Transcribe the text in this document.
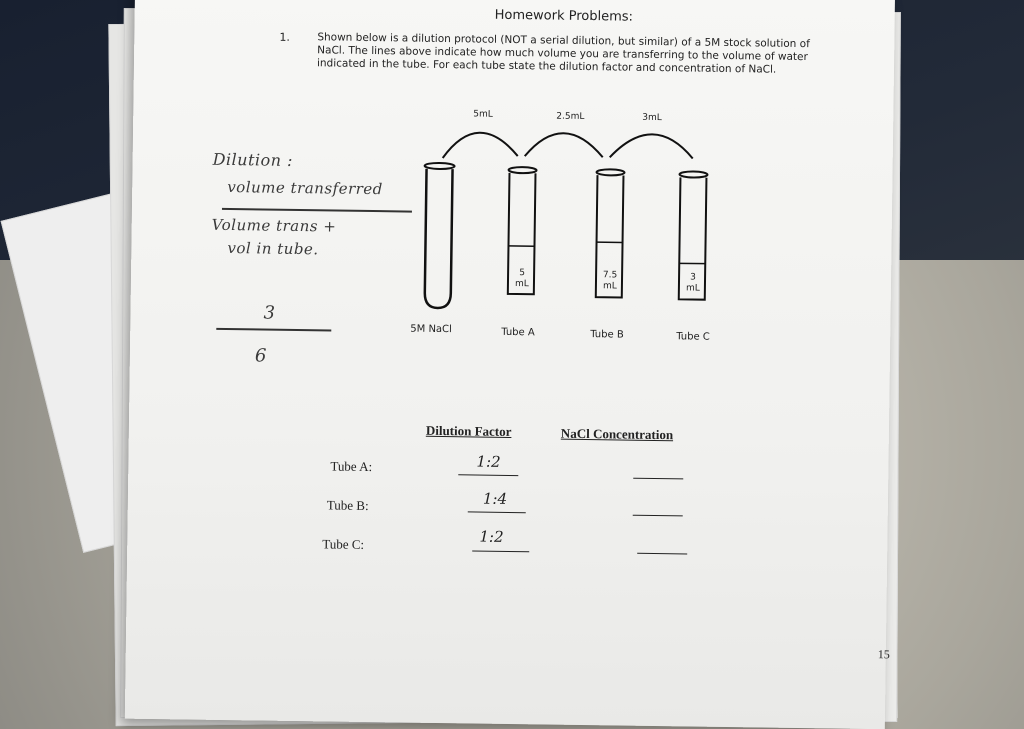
Homework Problems:
1.	Shown below is a dilution protocol (NOT a serial dilution, but similar) of a 5M stock solution of NaCl. The lines above indicate how much volume you are transferring to the volume of water indicated in the tube. For each tube state the dilution factor and concentration of NaCl.
5mL	2.5mL	3mL
5
mL
7.5
mL
3
mL
5M NaCl	Tube A	Tube B	Tube C
Dilution :
volume transferred
Volume trans +
vol in tube.
3
6
Dilution Factor	NaCl Concentration
Tube A:	1:2
Tube B:	1:4
Tube C:	1:2
15
